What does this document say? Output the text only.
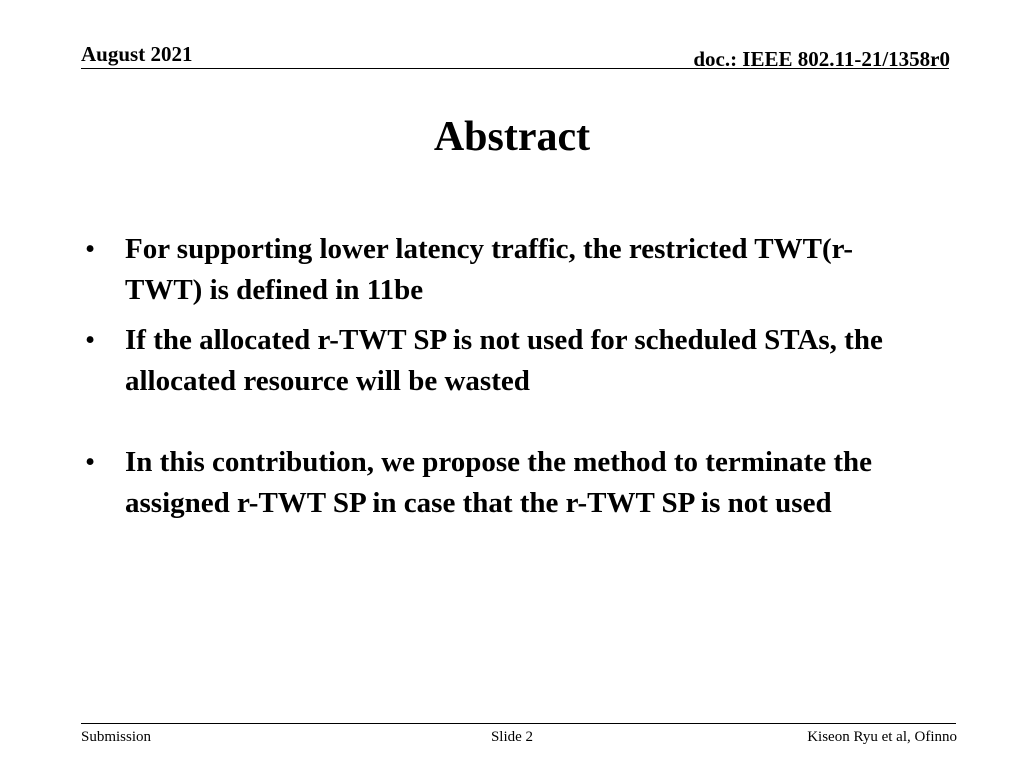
August 2021	doc.: IEEE 802.11-21/1358r0
Abstract
• For supporting lower latency traffic, the restricted TWT(r-TWT) is defined in 11be
• If the allocated r-TWT SP is not used for scheduled STAs, the allocated resource will be wasted
• In this contribution, we propose the method to terminate the assigned r-TWT SP in case that the r-TWT SP is not used
Submission	Slide 2	Kiseon Ryu et al, Ofinno
